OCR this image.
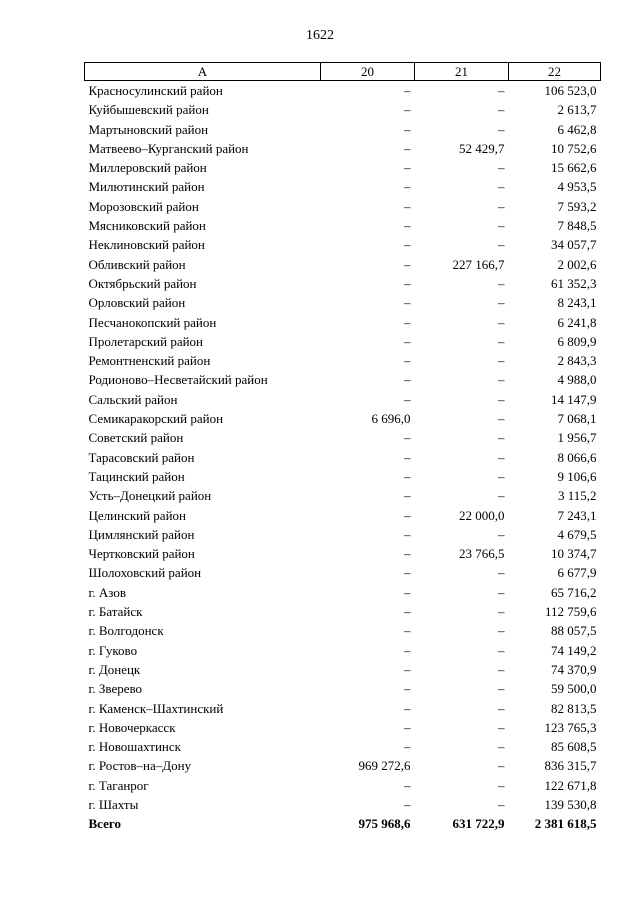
1622
А	20	21	22
Красносулинский район	–	–	106 523,0
Куйбышевский район	–	–	2 613,7
Мартыновский район	–	–	6 462,8
Матвеево–Курганский район	–	52 429,7	10 752,6
Миллеровский район	–	–	15 662,6
Милютинский район	–	–	4 953,5
Морозовский район	–	–	7 593,2
Мясниковский район	–	–	7 848,5
Неклиновский район	–	–	34 057,7
Обливский район	–	227 166,7	2 002,6
Октябрьский район	–	–	61 352,3
Орловский район	–	–	8 243,1
Песчанокопский район	–	–	6 241,8
Пролетарский район	–	–	6 809,9
Ремонтненский район	–	–	2 843,3
Родионово–Несветайский район	–	–	4 988,0
Сальский район	–	–	14 147,9
Семикаракорский район	6 696,0	–	7 068,1
Советский район	–	–	1 956,7
Тарасовский район	–	–	8 066,6
Тацинский район	–	–	9 106,6
Усть–Донецкий район	–	–	3 115,2
Целинский район	–	22 000,0	7 243,1
Цимлянский район	–	–	4 679,5
Чертковский район	–	23 766,5	10 374,7
Шолоховский район	–	–	6 677,9
г. Азов	–	–	65 716,2
г. Батайск	–	–	112 759,6
г. Волгодонск	–	–	88 057,5
г. Гуково	–	–	74 149,2
г. Донецк	–	–	74 370,9
г. Зверево	–	–	59 500,0
г. Каменск–Шахтинский	–	–	82 813,5
г. Новочеркасск	–	–	123 765,3
г. Новошахтинск	–	–	85 608,5
г. Ростов–на–Дону	969 272,6	–	836 315,7
г. Таганрог	–	–	122 671,8
г. Шахты	–	–	139 530,8
Всего	975 968,6	631 722,9	2 381 618,5
